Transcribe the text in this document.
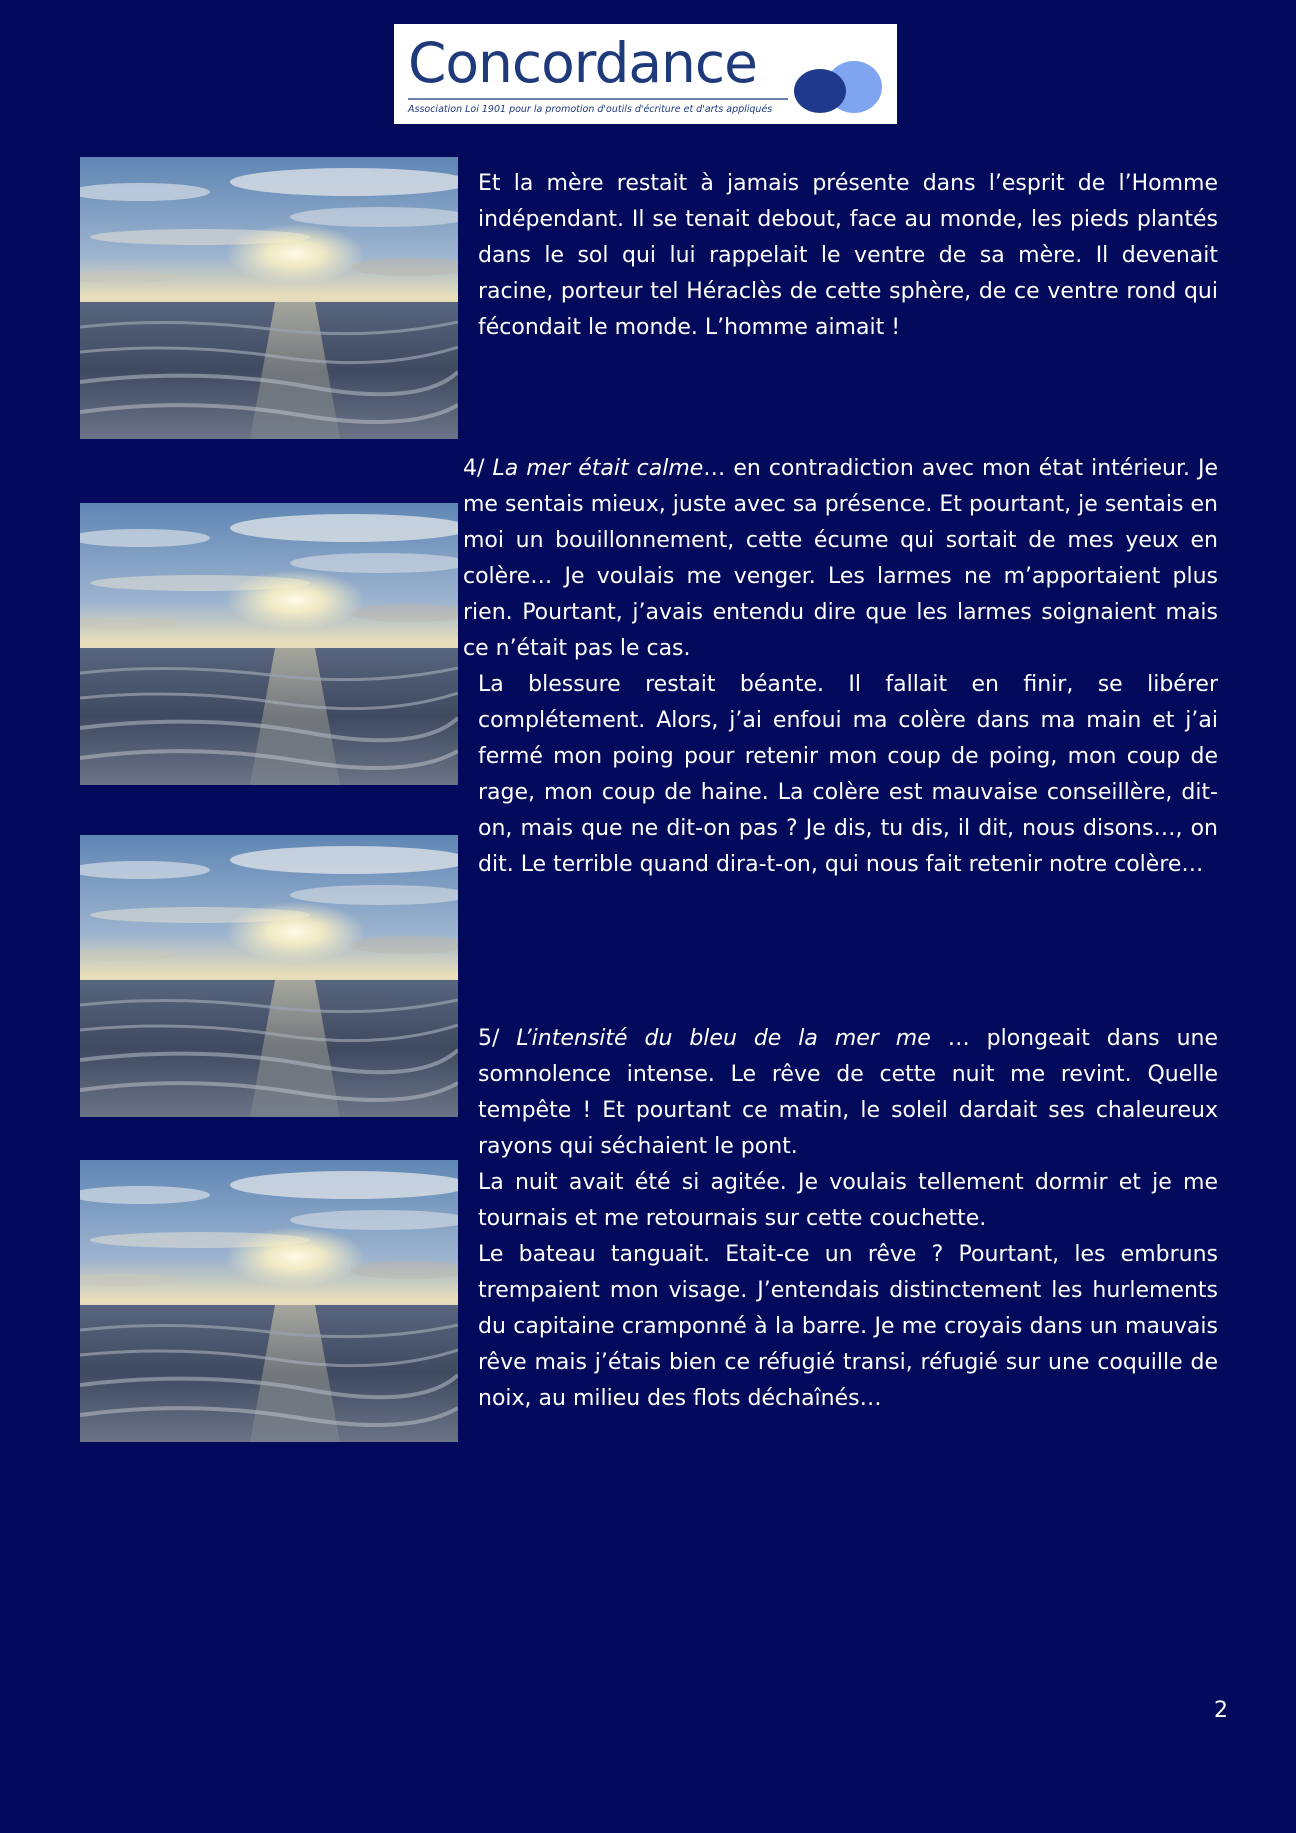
Concordance
Association Loi 1901 pour la promotion d'outils d'écriture et d'arts appliqués

Et la mère restait à jamais présente dans l’esprit de l’Homme indépendant. Il se tenait debout, face au monde, les pieds plantés dans le sol qui lui rappelait le ventre de sa mère. Il devenait racine, porteur tel Héraclès de cette sphère, de ce ventre rond qui fécondait le monde. L’homme aimait !

4/ La mer était calme… en contradiction avec mon état intérieur. Je me sentais mieux, juste avec sa présence. Et pourtant, je sentais en moi un bouillonnement, cette écume qui sortait de mes yeux en colère… Je voulais me venger. Les larmes ne m’apportaient plus rien. Pourtant, j’avais entendu dire que les larmes soignaient mais ce n’était pas le cas.

La blessure restait béante. Il fallait en finir, se libérer complétement. Alors, j’ai enfoui ma colère dans ma main et j’ai fermé mon poing pour retenir mon coup de poing, mon coup de rage, mon coup de haine. La colère est mauvaise conseillère, dit-on, mais que ne dit-on pas ? Je dis, tu dis, il dit, nous disons…, on dit. Le terrible quand dira-t-on, qui nous fait retenir notre colère…

5/ L’intensité du bleu de la mer me … plongeait dans une somnolence intense. Le rêve de cette nuit me revint. Quelle tempête ! Et pourtant ce matin, le soleil dardait ses chaleureux rayons qui séchaient le pont.

La nuit avait été si agitée. Je voulais tellement dormir et je me tournais et me retournais sur cette couchette.

Le bateau tanguait. Etait-ce un rêve ? Pourtant, les embruns trempaient mon visage. J’entendais distinctement les hurlements du capitaine cramponné à la barre. Je me croyais dans un mauvais rêve mais j’étais bien ce réfugié transi, réfugié sur une coquille de noix, au milieu des flots déchaînés…

2
